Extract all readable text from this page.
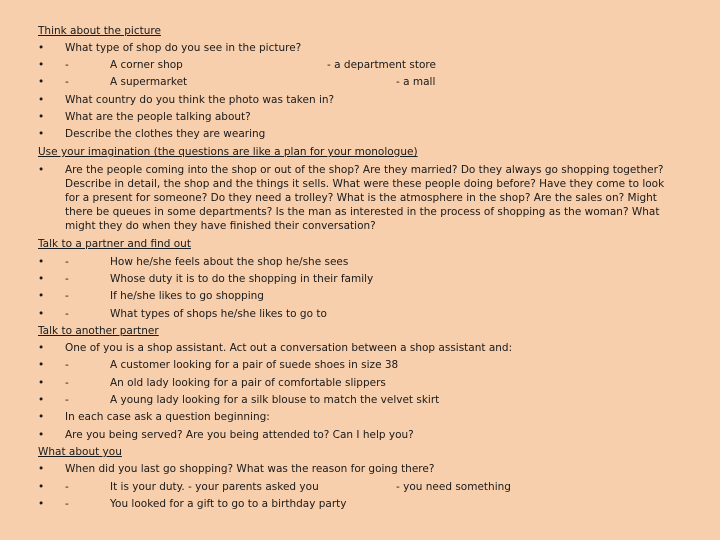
Think about the picture
• What type of shop do you see in the picture?
• -	A corner shop	- a department store
• -	A supermarket	- a mall
• What country do you think the photo was taken in?
• What are the people talking about?
• Describe the clothes they are wearing
Use your imagination (the questions are like a plan for your monologue)
• Are the people coming into the shop or out of the shop? Are they married? Do they always go shopping together? Describe in detail, the shop and the things it sells. What were these people doing before? Have they come to look for a present for someone? Do they need a trolley? What is the atmosphere in the shop? Are the sales on? Might there be queues in some departments? Is the man as interested in the process of shopping as the woman? What might they do when they have finished their conversation?
Talk to a partner and find out
• -	How he/she feels about the shop he/she sees
• -	Whose duty it is to do the shopping in their family
• -	If he/she likes to go shopping
• -	What types of shops he/she likes to go to
Talk to another partner
• One of you is a shop assistant. Act out a conversation between a shop assistant and:
• -	A customer looking for a pair of suede shoes in size 38
• -	An old lady looking for a pair of comfortable slippers
• -	A young lady looking for a silk blouse to match the velvet skirt
• In each case ask a question beginning:
• Are you being served? Are you being attended to? Can I help you?
What about you
• When did you last go shopping? What was the reason for going there?
• -	It is your duty. - your parents asked you	- you need something
• -	You looked for a gift to go to a birthday party
